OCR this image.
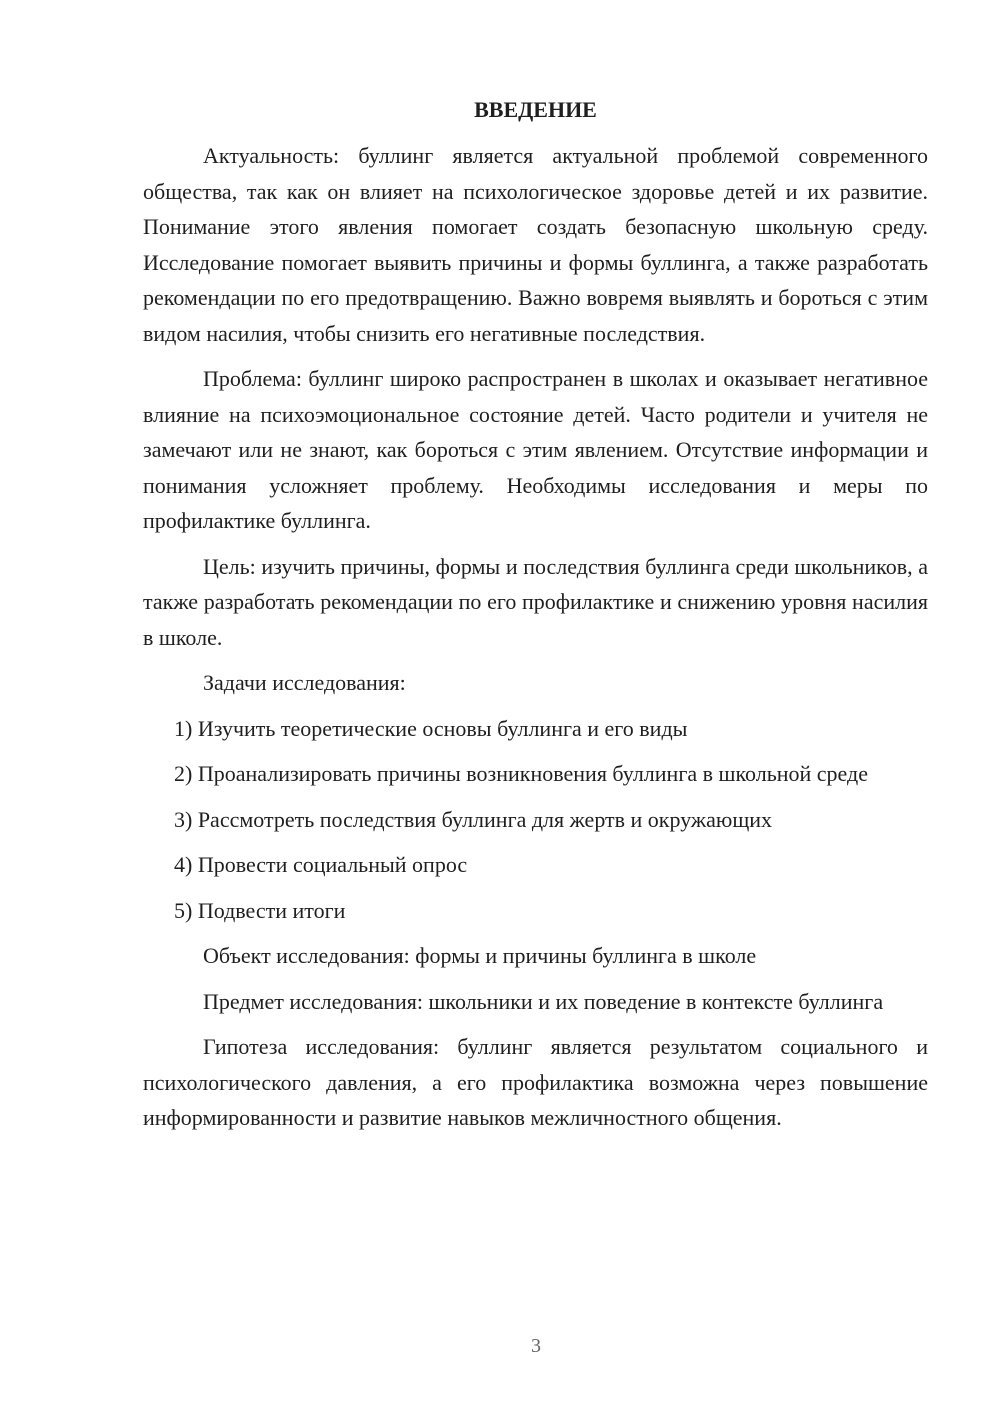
ВВЕДЕНИЕ

Актуальность: буллинг является актуальной проблемой современного общества, так как он влияет на психологическое здоровье детей и их развитие. Понимание этого явления помогает создать безопасную школьную среду. Исследование помогает выявить причины и формы буллинга, а также разработать рекомендации по его предотвращению. Важно вовремя выявлять и бороться с этим видом насилия, чтобы снизить его негативные последствия.

Проблема: буллинг широко распространен в школах и оказывает негативное влияние на психоэмоциональное состояние детей. Часто родители и учителя не замечают или не знают, как бороться с этим явлением. Отсутствие информации и понимания усложняет проблему. Необходимы исследования и меры по профилактике буллинга.

Цель: изучить причины, формы и последствия буллинга среди школьников, а также разработать рекомендации по его профилактике и снижению уровня насилия в школе.

Задачи исследования:

1) Изучить теоретические основы буллинга и его виды

2) Проанализировать причины возникновения буллинга в школьной среде

3) Рассмотреть последствия буллинга для жертв и окружающих

4) Провести социальный опрос

5) Подвести итоги

Объект исследования: формы и причины буллинга в школе

Предмет исследования: школьники и их поведение в контексте буллинга

Гипотеза исследования: буллинг является результатом социального и психологического давления, а его профилактика возможна через повышение информированности и развитие навыков межличностного общения.

3
